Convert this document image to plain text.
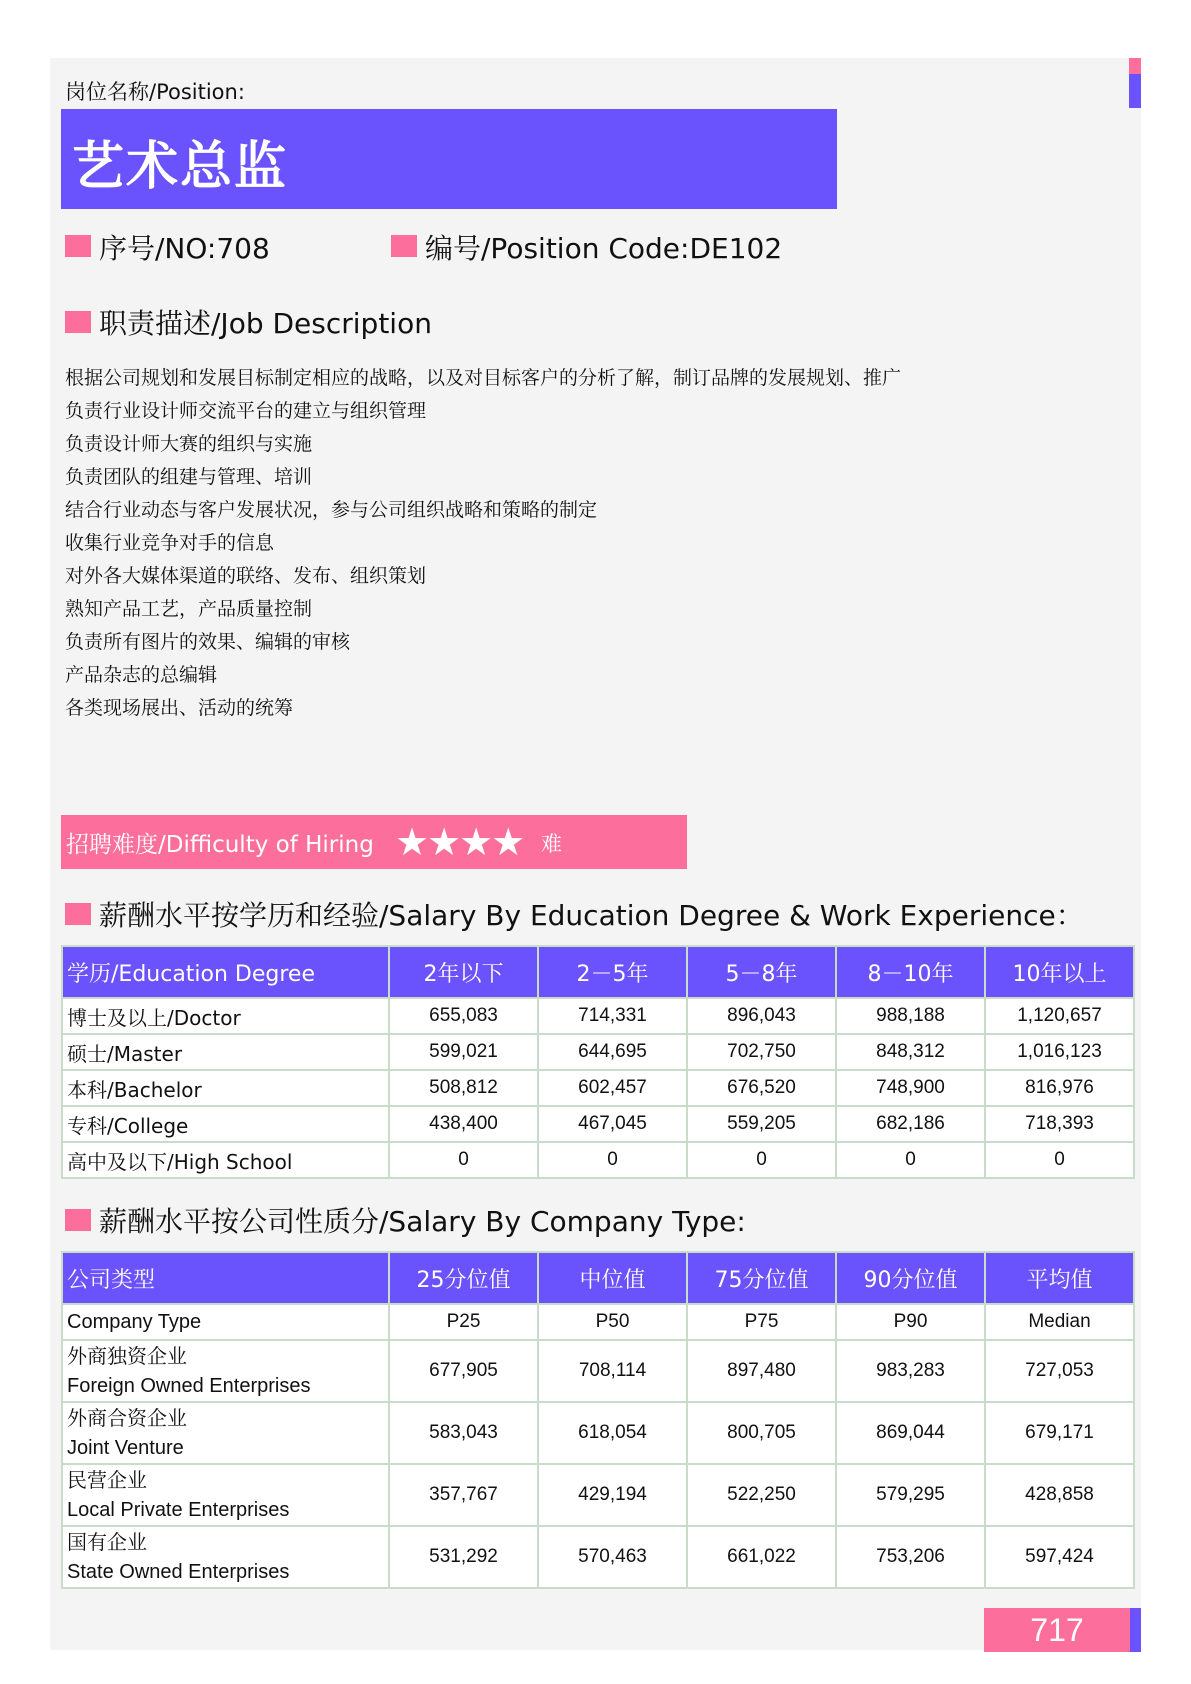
岗位名称/Position:
艺术总监
序号/NO:708	编号/Position Code:DE102
职责描述/Job Description
根据公司规划和发展目标制定相应的战略，以及对目标客户的分析了解，制订品牌的发展规划、推广
负责行业设计师交流平台的建立与组织管理
负责设计师大赛的组织与实施
负责团队的组建与管理、培训
结合行业动态与客户发展状况，参与公司组织战略和策略的制定
收集行业竞争对手的信息
对外各大媒体渠道的联络、发布、组织策划
熟知产品工艺，产品质量控制
负责所有图片的效果、编辑的审核
产品杂志的总编辑
各类现场展出、活动的统筹
招聘难度/Difficulty of Hiring ★★★★ 难
薪酬水平按学历和经验/Salary By Education Degree & Work Experience：
学历/Education Degree	2年以下	2－5年	5－8年	8－10年	10年以上
博士及以上/Doctor	655,083	714,331	896,043	988,188	1,120,657
硕士/Master	599,021	644,695	702,750	848,312	1,016,123
本科/Bachelor	508,812	602,457	676,520	748,900	816,976
专科/College	438,400	467,045	559,205	682,186	718,393
高中及以下/High School	0	0	0	0	0
薪酬水平按公司性质分/Salary By Company Type:
公司类型	25分位值	中位值	75分位值	90分位值	平均值
Company Type	P25	P50	P75	P90	Median

外商独资企业
Foreign Owned Enterprises	677,905	708,114	897,480	983,283	727,053

外商合资企业
Joint Venture	583,043	618,054	800,705	869,044	679,171

民营企业
Local Private Enterprises	357,767	429,194	522,250	579,295	428,858

国有企业
State Owned Enterprises	531,292	570,463	661,022	753,206	597,424
717
